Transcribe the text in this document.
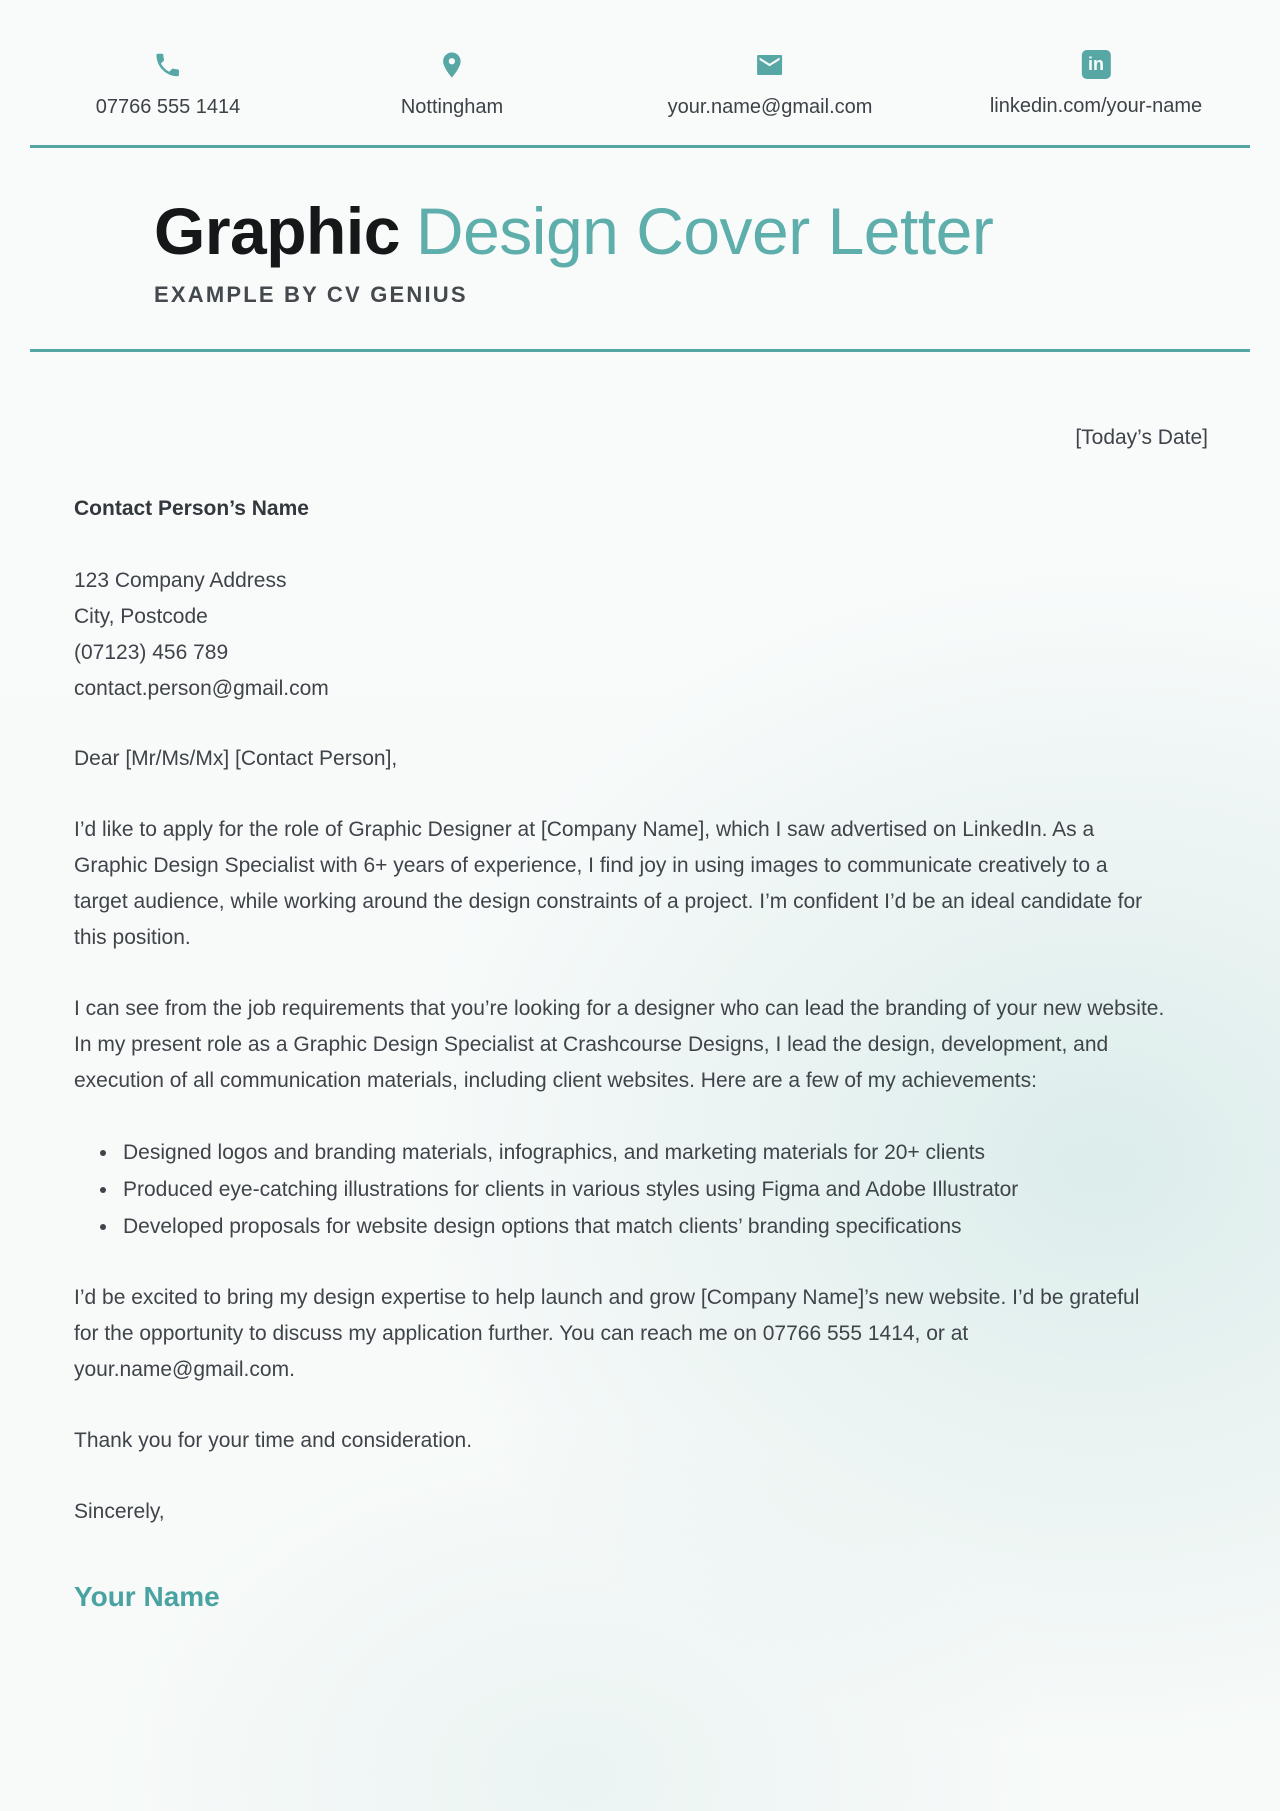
07766 555 1414	Nottingham	your.name@gmail.com
in
linkedin.com/your-name
Graphic Design Cover Letter
EXAMPLE BY CV GENIUS
[Today’s Date]
Contact Person’s Name
123 Company Address
City, Postcode
(07123) 456 789
contact.person@gmail.com

Dear [Mr/Ms/Mx] [Contact Person],

I’d like to apply for the role of Graphic Designer at [Company Name], which I saw advertised on LinkedIn. As a Graphic Design Specialist with 6+ years of experience, I find joy in using images to communicate creatively to a target audience, while working around the design constraints of a project. I’m confident I’d be an ideal candidate for this position.

I can see from the job requirements that you’re looking for a designer who can lead the branding of your new website. In my present role as a Graphic Design Specialist at Crashcourse Designs, I lead the design, development, and execution of all communication materials, including client websites. Here are a few of my achievements:

• Designed logos and branding materials, infographics, and marketing materials for 20+ clients
• Produced eye-catching illustrations for clients in various styles using Figma and Adobe Illustrator
• Developed proposals for website design options that match clients’ branding specifications

I’d be excited to bring my design expertise to help launch and grow [Company Name]’s new website. I’d be grateful for the opportunity to discuss my application further. You can reach me on 07766 555 1414, or at your.name@gmail.com.

Thank you for your time and consideration.

Sincerely,

Your Name
